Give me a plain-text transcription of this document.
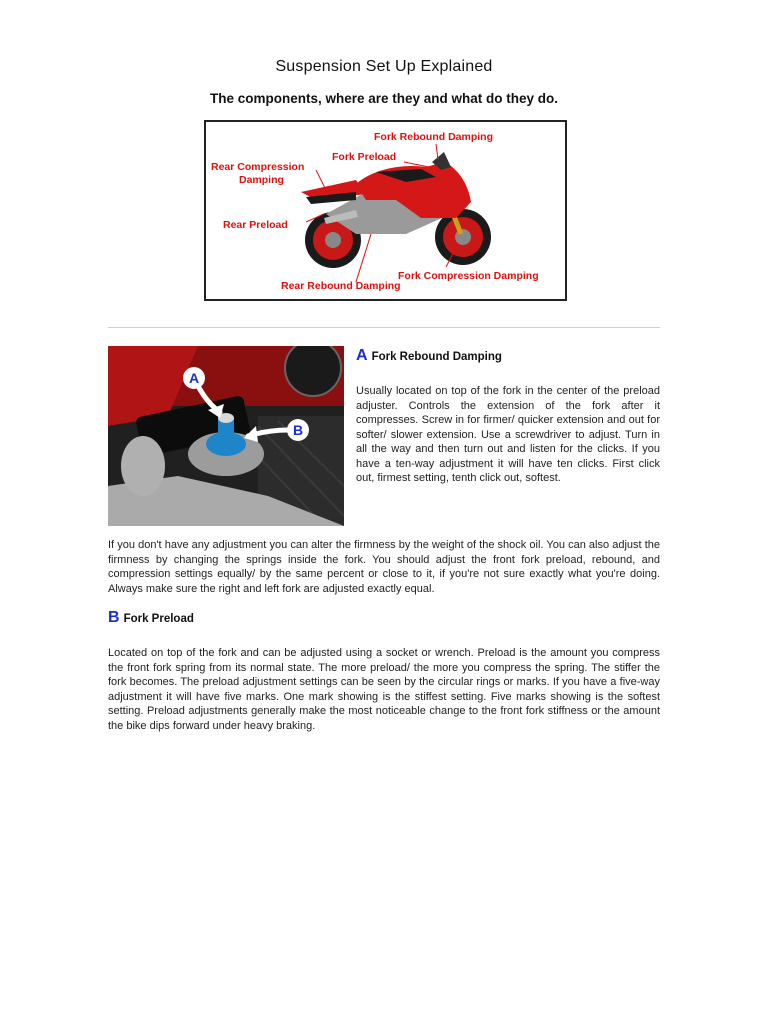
Suspension Set Up Explained
The components, where are they and what do they do.
Fork Rebound Damping
Fork Preload
Rear Compression
Damping
Rear Preload
Fork Compression Damping
Rear Rebound Damping
A
B
A Fork Rebound Damping

Usually located on top of the fork in the center of the preload adjuster. Controls the extension of the fork after it compresses. Screw in for firmer/ quicker extension and out for softer/ slower extension. Use a screwdriver to adjust. Turn in all the way and then turn out and listen for the clicks. If you have a ten-way adjustment it will have ten clicks. First click out, firmest setting, tenth click out, softest.

If you don't have any adjustment you can alter the firmness by the weight of the shock oil. You can also adjust the firmness by changing the springs inside the fork. You should adjust the front fork preload, rebound, and compression settings equally/ by the same percent or close to it, if you're not sure exactly what you're doing. Always make sure the right and left fork are adjusted exactly equal.

B Fork Preload

Located on top of the fork and can be adjusted using a socket or wrench. Preload is the amount you compress the front fork spring from its normal state. The more preload/ the more you compress the spring. The stiffer the fork becomes. The preload adjustment settings can be seen by the circular rings or marks. If you have a five-way adjustment it will have five marks. One mark showing is the stiffest setting. Five marks showing is the softest setting. Preload adjustments generally make the most noticeable change to the front fork stiffness or the amount the bike dips forward under heavy braking.
